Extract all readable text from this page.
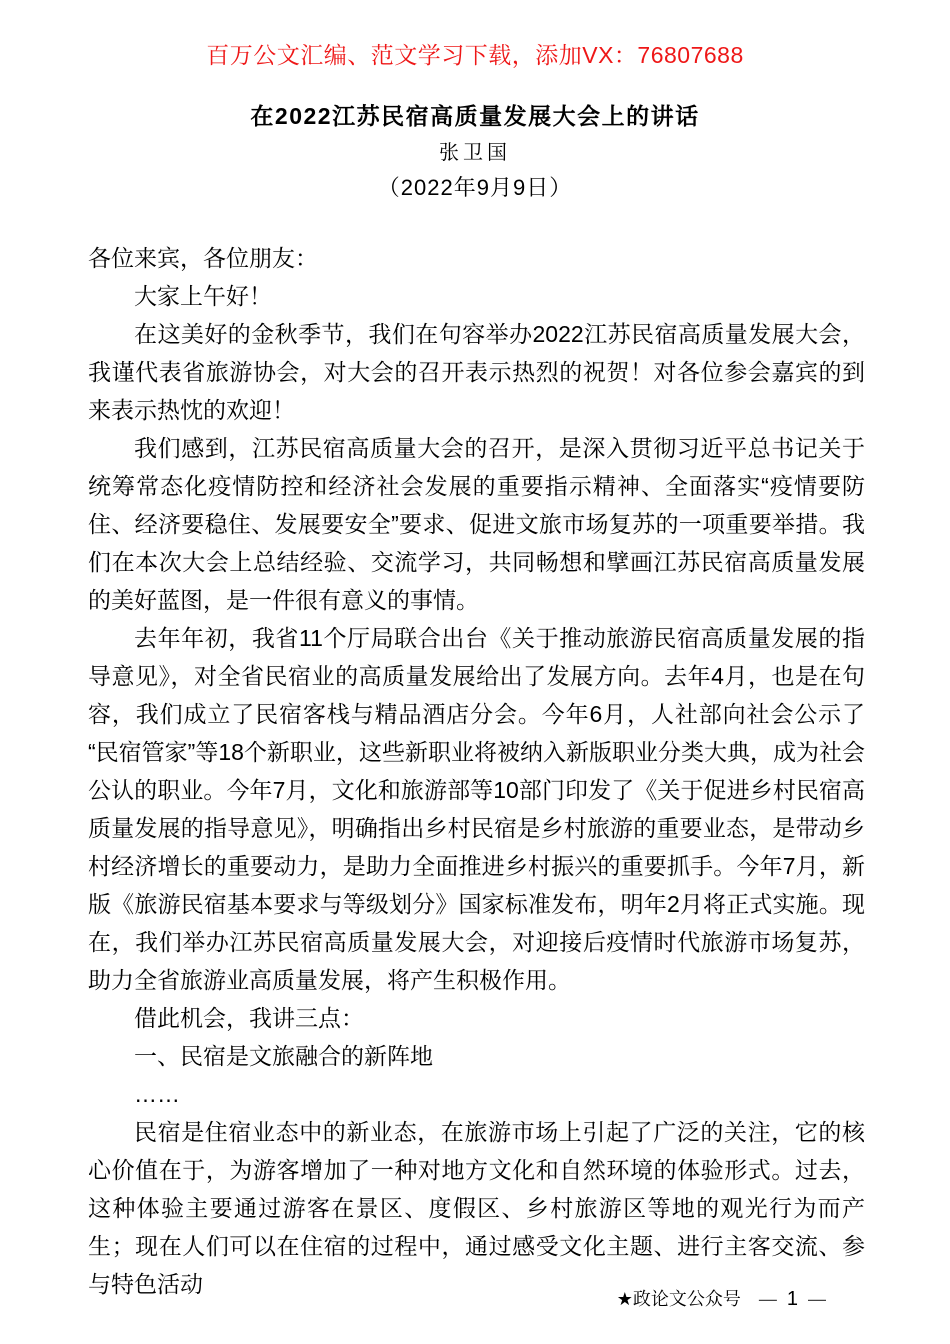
百万公文汇编、范文学习下载，添加VX：76807688
在2022江苏民宿高质量发展大会上的讲话
张卫国
（2022年9月9日）
各位来宾，各位朋友：
大家上午好！
在这美好的金秋季节，我们在句容举办2022江苏民宿高质量发展大会，我谨代表省旅游协会，对大会的召开表示热烈的祝贺！对各位参会嘉宾的到来表示热忱的欢迎！
我们感到，江苏民宿高质量大会的召开，是深入贯彻习近平总书记关于统筹常态化疫情防控和经济社会发展的重要指示精神、全面落实“疫情要防住、经济要稳住、发展要安全”要求、促进文旅市场复苏的一项重要举措。我们在本次大会上总结经验、交流学习，共同畅想和擘画江苏民宿高质量发展的美好蓝图，是一件很有意义的事情。
去年年初，我省11个厅局联合出台《关于推动旅游民宿高质量发展的指导意见》，对全省民宿业的高质量发展给出了发展方向。去年4月，也是在句容，我们成立了民宿客栈与精品酒店分会。今年6月，人社部向社会公示了“民宿管家”等18个新职业，这些新职业将被纳入新版职业分类大典，成为社会公认的职业。今年7月，文化和旅游部等10部门印发了《关于促进乡村民宿高质量发展的指导意见》，明确指出乡村民宿是乡村旅游的重要业态，是带动乡村经济增长的重要动力，是助力全面推进乡村振兴的重要抓手。今年7月，新版《旅游民宿基本要求与等级划分》国家标准发布，明年2月将正式实施。现在，我们举办江苏民宿高质量发展大会，对迎接后疫情时代旅游市场复苏，助力全省旅游业高质量发展，将产生积极作用。
借此机会，我讲三点：
一、民宿是文旅融合的新阵地
……
民宿是住宿业态中的新业态，在旅游市场上引起了广泛的关注，它的核心价值在于，为游客增加了一种对地方文化和自然环境的体验形式。过去，这种体验主要通过游客在景区、度假区、乡村旅游区等地的观光行为而产生；现在人们可以在住宿的过程中，通过感受文化主题、进行主客交流、参与特色活动
★政论文公众号 — 1 —
